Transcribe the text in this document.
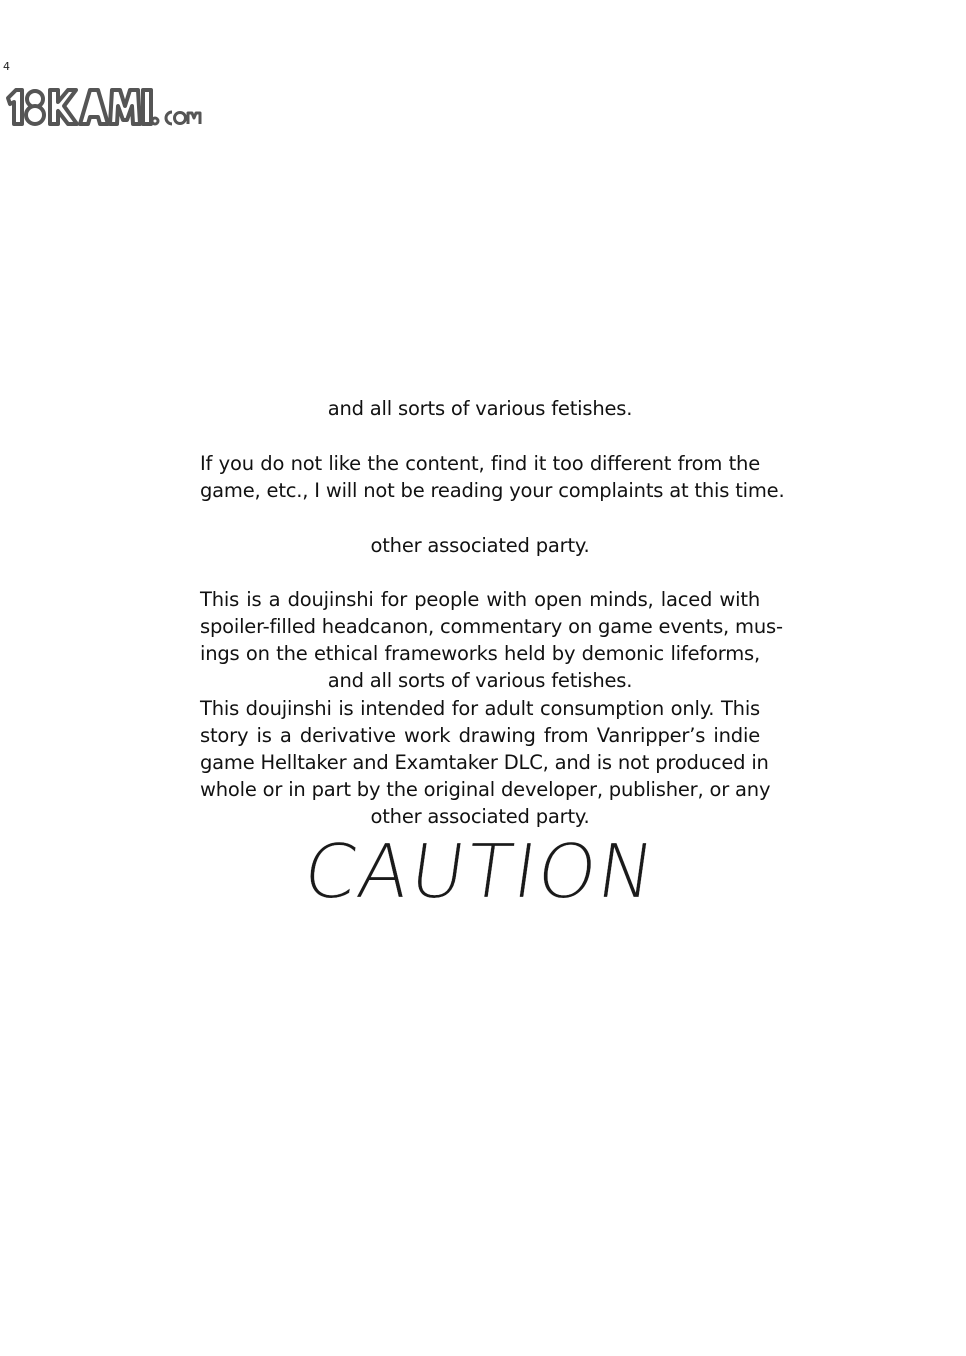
4
and all sorts of various fetishes.
If you do not like the content, find it too different from the
game, etc., I will not be reading your complaints at this time.
other associated party.
This is a doujinshi for people with open minds, laced with
spoiler-filled headcanon, commentary on game events, mus-
ings on the ethical frameworks held by demonic lifeforms,
and all sorts of various fetishes.
This doujinshi is intended for adult consumption only. This
story is a derivative work drawing from Vanripper’s indie
game Helltaker and Examtaker DLC, and is not produced in
whole or in part by the original developer, publisher, or any
other associated party.
CAUTION
